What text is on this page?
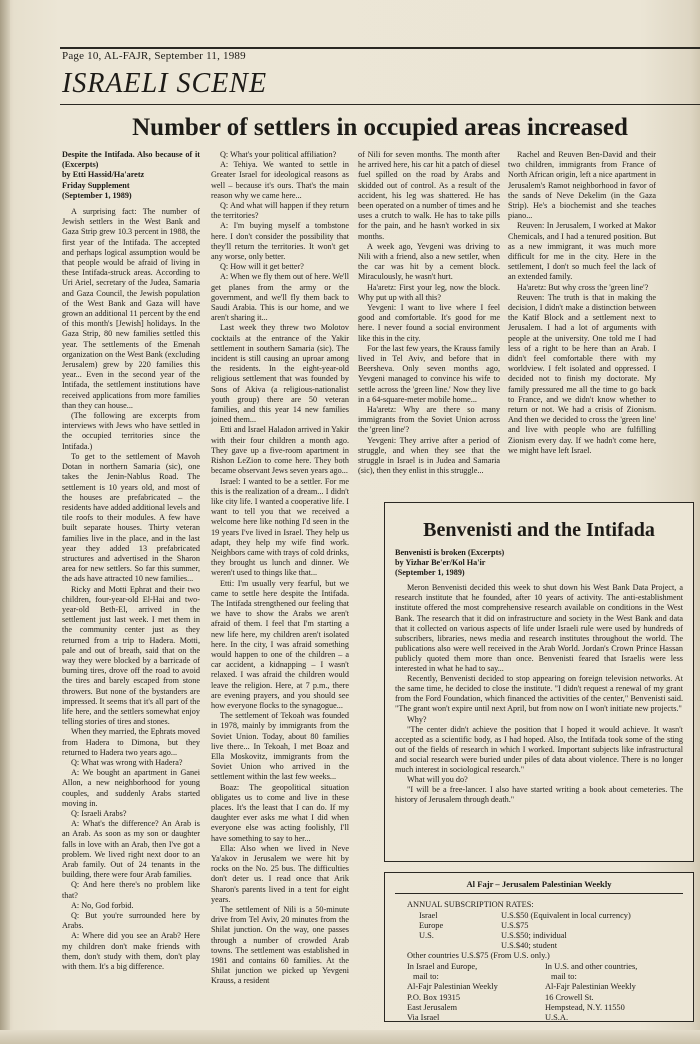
Page 10, AL-FAJR, September 11, 1989
ISRAELI SCENE
Number of settlers in occupied areas increased
Despite the Intifada. Also because of it (Excerpts)
by Etti Hassid/Ha'aretz
Friday Supplement
(September 1, 1989)

A surprising fact: The number of Jewish settlers in the West Bank and Gaza Strip grew 10.3 percent in 1988, the first year of the Intifada. The accepted and perhaps logical assumption would be that people would be afraid of living in these Intifada-struck areas. According to Uri Ariel, secretary of the Judea, Samaria and Gaza Council, the Jewish population of the West Bank and Gaza will have grown an additional 11 percent by the end of this month's [Jewish] holidays. In the Gaza Strip, 80 new families settled this year. The settlements of the Emenah organization on the West Bank (excluding Jerusalem) grew by 220 families this year... Even in the second year of the Intifada, the settlement institutions have received applications from more families than they can house...

(The following are excerpts from interviews with Jews who have settled in the occupied territories since the Intifada.)

To get to the settlement of Mavoh Dotan in northern Samaria (sic), one takes the Jenin-Nablus Road. The settlement is 10 years old, and most of the houses are prefabricated – the residents have added additional levels and tile roofs to their modules. A few have built separate houses. Thirty veteran families live in the place, and in the last year they added 13 prefabricated structures and advertised in the Sharon area for new settlers. So far this summer, the ads have attracted 10 new families...

Ricky and Motti Ephrat and their two children, four-year-old El-Hai and two-year-old Beth-El, arrived in the settlement just last week. I met them in the community center just as they returned from a trip to Hadera. Motti, pale and out of breath, said that on the way they were blocked by a barricade of burning tires, drove off the road to avoid the tires and barely escaped from stone throwers. But none of the bystanders are impressed. It seems that it's all part of the life here, and the settlers somewhat enjoy telling stories of tires and stones.

When they married, the Ephrats moved from Hadera to Dimona, but they returned to Hadera two years ago...

Q: What was wrong with Hadera?

A: We bought an apartment in Ganei Allon, a new neighborhood for young couples, and suddenly Arabs started moving in.

Q: Israeli Arabs?

A: What's the difference? An Arab is an Arab. As soon as my son or daughter falls in love with an Arab, then I've got a problem. We lived right next door to an Arab family. Out of 24 tenants in the building, there were four Arab families.

Q: And here there's no problem like that?

A: No, God forbid.

Q: But you're surrounded here by Arabs.

A: Where did you see an Arab? Here my children don't make friends with them, don't study with them, don't play with them. It's a big difference.

Q: What's your political affiliation?

A: Tehiya. We wanted to settle in Greater Israel for ideological reasons as well – because it's ours. That's the main reason why we came here...

Q: And what will happen if they return the territories?

A: I'm buying myself a tombstone here. I don't consider the possibility that they'll return the territories. It won't get any worse, only better.

Q: How will it get better?

A: When we fly them out of here. We'll get planes from the army or the government, and we'll fly them back to Saudi Arabia. This is our home, and we aren't sharing it...

Last week they threw two Molotov cocktails at the entrance of the Yakir settlement in southern Samaria (sic). The incident is still causing an uproar among the residents. In the eight-year-old religious settlement that was founded by Sons of Akiva (a religious-nationalist youth group) there are 50 veteran families, and this year 14 new families joined them...

Etti and Israel Haladon arrived in Yakir with their four children a month ago. They gave up a five-room apartment in Rishon LeZion to come here. They both became observant Jews seven years ago...

Israel: I wanted to be a settler. For me this is the realization of a dream... I didn't like city life. I wanted a cooperative life. I want to tell you that we received a welcome here like nothing I'd seen in the 19 years I've lived in Israel. They help us adapt, they help my wife find work. Neighbors came with trays of cold drinks, they brought us lunch and dinner. We weren't used to things like that...

Etti: I'm usually very fearful, but we came to settle here despite the Intifada. The Intifada strengthened our feeling that we have to show the Arabs we aren't afraid of them. I feel that I'm starting a new life here, my children aren't isolated here. In the city, I was afraid something would happen to one of the children – a car accident, a kidnapping – I wasn't relaxed. I was afraid the children would leave the religion. Here, at 7 p.m., there are evening prayers, and you should see how everyone flocks to the synagogue...

The settlement of Tekoah was founded in 1978, mainly by immigrants from the Soviet Union. Today, about 80 families live there... In Tekoah, I met Boaz and Ella Moskovitz, immigrants from the Soviet Union who arrived in the settlement within the last few weeks...

Boaz: The geopolitical situation obligates us to come and live in these places. It's the least that I can do. If my daughter ever asks me what I did when everyone else was acting foolishly, I'll have something to say to her...

Ella: Also when we lived in Neve Ya'akov in Jerusalem we were hit by rocks on the No. 25 bus. The difficulties don't deter us. I read once that Arik Sharon's parents lived in a tent for eight years.

The settlement of Nili is a 50-minute drive from Tel Aviv, 20 minutes from the Shilat junction. On the way, one passes through a number of crowded Arab towns. The settlement was established in 1981 and contains 60 families. At the Shilat junction we picked up Yevgeni Krauss, a resident

of Nili for seven months. The month after he arrived here, his car hit a patch of diesel fuel spilled on the road by Arabs and skidded out of control. As a result of the accident, his leg was shattered. He has been operated on a number of times and he uses a crutch to walk. He has to take pills for the pain, and he hasn't worked in six months.

A week ago, Yevgeni was driving to Nili with a friend, also a new settler, when the car was hit by a cement block. Miraculously, he wasn't hurt.

Ha'aretz: First your leg, now the block. Why put up with all this?

Yevgeni: I want to live where I feel good and comfortable. It's good for me here. I never found a social environment like this in the city.

For the last few years, the Krauss family lived in Tel Aviv, and before that in Beersheva. Only seven months ago, Yevgeni managed to convince his wife to settle across the 'green line.' Now they live in a 64-square-meter mobile home...

Ha'aretz: Why are there so many immigrants from the Soviet Union across the 'green line'?

Yevgeni: They arrive after a period of struggle, and when they see that the struggle in Israel is in Judea and Samaria (sic), then they enlist in this struggle...

Rachel and Reuven Ben-David and their two children, immigrants from France of North African origin, left a nice apartment in Jerusalem's Ramot neighborhood in favor of the sands of Neve Dekelim (in the Gaza Strip). He's a biochemist and she teaches piano...

Reuven: In Jerusalem, I worked at Makor Chemicals, and I had a tenured position. But as a new immigrant, it was much more difficult for me in the city. Here in the settlement, I don't so much feel the lack of an extended family.

Ha'aretz: But why cross the 'green line'?

Reuven: The truth is that in making the decision, I didn't make a distinction between the Katif Block and a settlement next to Jerusalem. I had a lot of arguments with people at the university. One told me I had less of a right to be here than an Arab. I didn't feel comfortable there with my worldview. I felt isolated and oppressed. I decided not to finish my doctorate. My family pressured me all the time to go back to France, and we didn't know whether to return or not. We had a crisis of Zionism. And then we decided to cross the 'green line' and live with people who are fulfilling Zionism every day. If we hadn't come here, we might have left Israel.

Benvenisti and the Intifada
Benvenisti is broken (Excerpts)
by Yizhar Be'er/Kol Ha'ir
(September 1, 1989)

Meron Benvenisti decided this week to shut down his West Bank Data Project, a research institute that he founded, after 10 years of activity. The anti-establishment institute offered the most comprehensive research available on conditions in the West Bank. The research that it did on infrastructure and society in the West Bank and data that it collected on various aspects of life under Israeli rule were used by hundreds of subscribers, libraries, news media and research institutes throughout the world. The publications also were well received in the Arab World. Jordan's Crown Prince Hassan publicly quoted them more than once. Benvenisti feared that Israelis were less interested in what he had to say...

Recently, Benvenisti decided to stop appearing on foreign television networks. At the same time, he decided to close the institute. "I didn't request a renewal of my grant from the Ford Foundation, which financed the activities of the center," Benvenisti said. "The grant won't expire until next April, but from now on I won't initiate new projects."

Why?

"The center didn't achieve the position that I hoped it would achieve. It wasn't accepted as a scientific body, as I had hoped. Also, the Intifada took some of the sting out of the fields of research in which I worked. Important subjects like infrastructural and social research were buried under piles of data about violence. There is no longer much interest in sociological research."

What will you do?

"I will be a free-lancer. I also have started writing a book about cemeteries. The history of Jerusalem through death."

Al Fajr – Jerusalem Palestinian Weekly
ANNUAL SUBSCRIPTION RATES:
Israel	U.S.$50 (Equivalent in local currency)
Europe	U.S.$75
U.S.	U.S.$50; individual
U.S.$40; student
Other countries U.S.$75 (From U.S. only.)
In Israel and Europe,
mail to:
Al-Fajr Palestinian Weekly
P.O. Box 19315
East Jerusalem
Via Israel
In U.S. and other countries,
mail to:
Al-Fajr Palestinian Weekly
16 Crowell St.
Hempstead, N.Y. 11550
U.S.A.
